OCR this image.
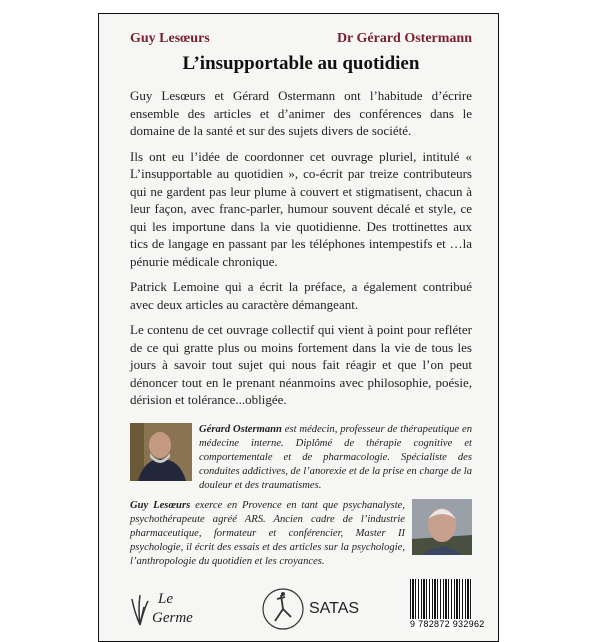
Guy Lesœurs	Dr Gérard Ostermann
L’insupportable au quotidien

Guy Lesœurs et Gérard Ostermann ont l’habitude d’écrire ensemble des articles et d’animer des conférences dans le domaine de la santé et sur des sujets divers de société.

Ils ont eu l’idée de coordonner cet ouvrage pluriel, intitulé « L’insupportable au quotidien », co-écrit par treize contributeurs qui ne gardent pas leur plume à couvert et stigmatisent, chacun à leur façon, avec franc-parler, humour souvent décalé et style, ce qui les importune dans la vie quotidienne. Des trottinettes aux tics de langage en passant par les téléphones intempestifs et …la pénurie médicale chronique.

Patrick Lemoine qui a écrit la préface, a également contribué avec deux articles au caractère démangeant.

Le contenu de cet ouvrage collectif qui vient à point pour refléter de ce qui gratte plus ou moins fortement dans la vie de tous les jours à savoir tout sujet qui nous fait réagir et que l’on peut dénoncer tout en le prenant néanmoins avec philosophie, poésie, dérision et tolérance...obligée.

Gérard Ostermann est médecin, professeur de thérapeutique en médecine interne. Diplômé de thérapie cognitive et comportementale et de pharmacologie. Spécialiste des conduites addictives, de l’anorexie et de la prise en charge de la douleur et des traumatismes.

Guy Lesœurs exerce en Provence en tant que psychanalyste, psychothérapeute agréé ARS. Ancien cadre de l’industrie pharmaceutique, formateur et conférencier, Master II psychologie, il écrit des essais et des articles sur la psychologie, l’anthropologie du quotidien et les croyances.

Le
Germe
SATAS
9 782872 932962
